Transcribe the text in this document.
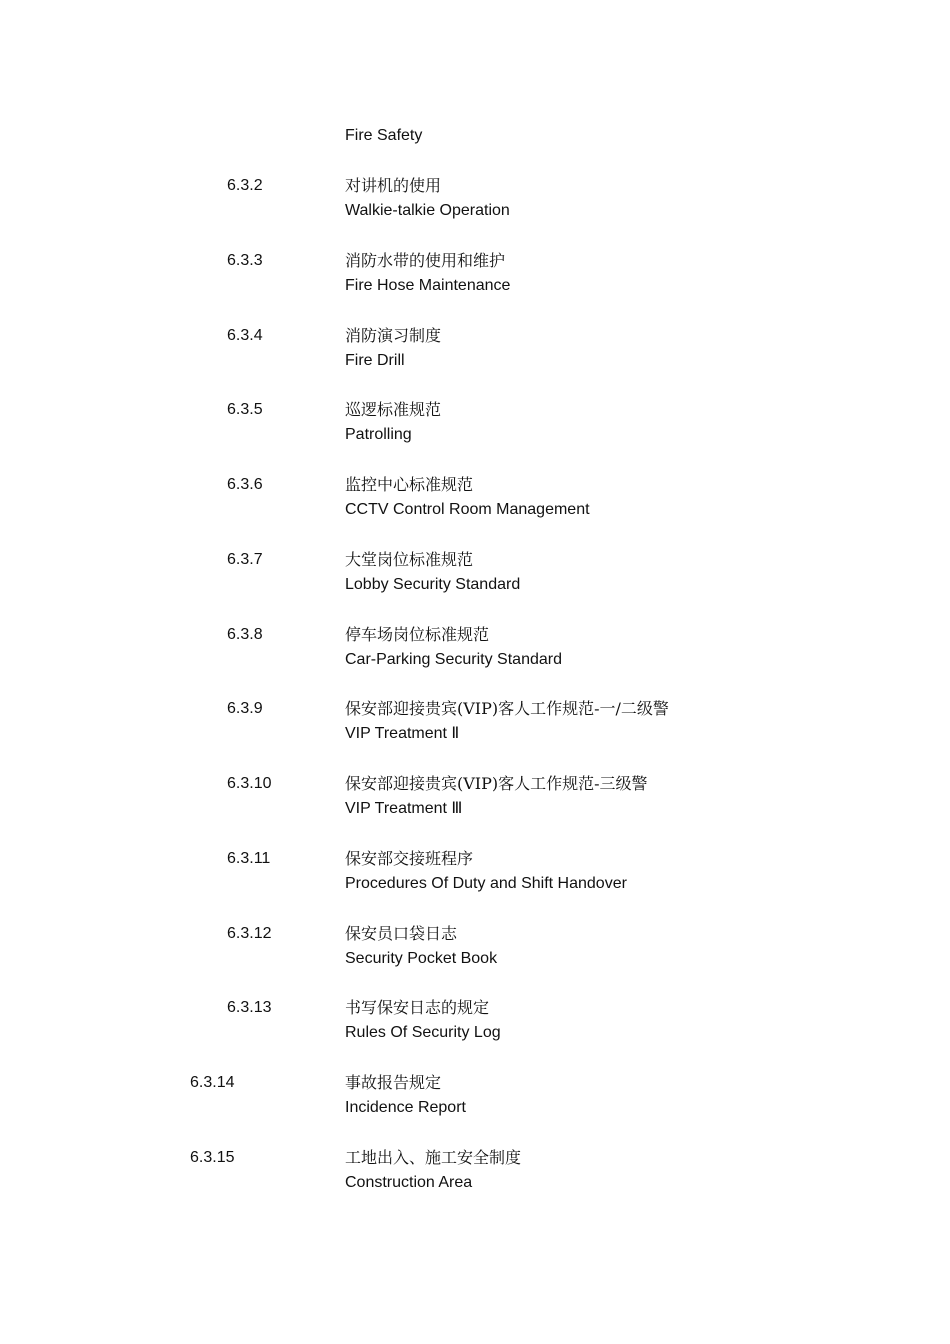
Fire Safety
6.3.2	对讲机的使用
Walkie-talkie Operation
6.3.3	消防水带的使用和维护
Fire Hose Maintenance
6.3.4	消防演习制度
Fire Drill
6.3.5	巡逻标准规范
Patrolling
6.3.6	监控中心标准规范
CCTV Control Room Management
6.3.7	大堂岗位标准规范
Lobby Security Standard
6.3.8	停车场岗位标准规范
Car-Parking Security Standard
6.3.9	保安部迎接贵宾(VIP)客人工作规范-一/二级警
VIP Treatment Ⅱ
6.3.10	保安部迎接贵宾(VIP)客人工作规范-三级警
VIP Treatment Ⅲ
6.3.11	保安部交接班程序
Procedures Of Duty and Shift Handover
6.3.12	保安员口袋日志
Security Pocket Book
6.3.13	书写保安日志的规定
Rules Of Security Log
6.3.14	事故报告规定
Incidence Report
6.3.15	工地出入、施工安全制度
Construction Area
